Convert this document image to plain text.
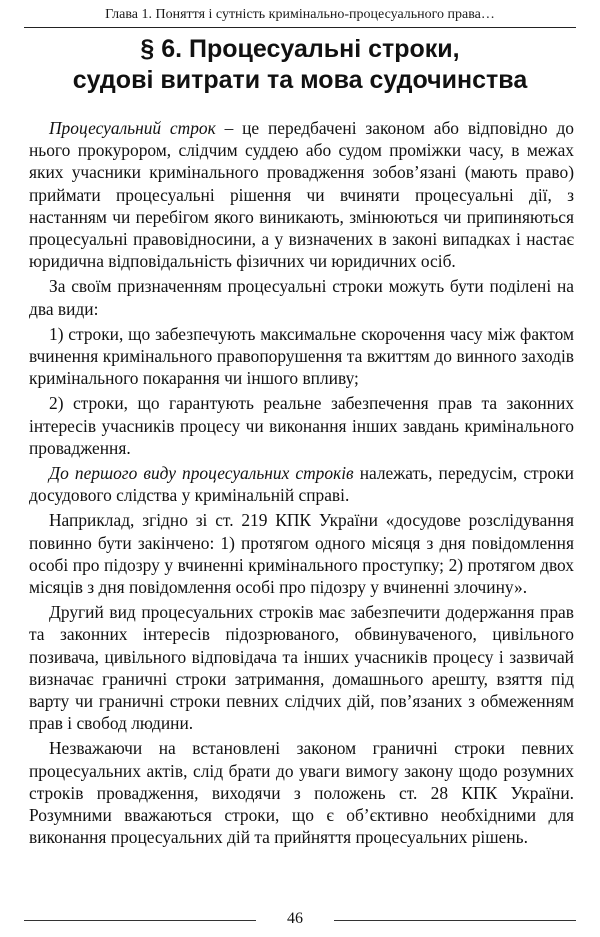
Глава 1. Поняття і сутність кримінально-процесуального права…
§ 6. Процесуальні строки,
судові витрати та мова судочинства

Процесуальний строк – це передбачені законом або відповідно до нього прокурором, слідчим суддею або судом проміжки часу, в межах яких учасники кримінального провадження зобов’язані (мають право) приймати процесуальні рішення чи вчиняти процесуальні дії, з настанням чи перебігом якого виникають, змінюються чи припиняються процесуальні правовідносини, а у визначених в законі випадках і настає юридична відповідальність фізичних чи юридичних осіб.

За своїм призначенням процесуальні строки можуть бути поділені на два види:

1) строки, що забезпечують максимальне скорочення часу між фактом вчинення кримінального правопорушення та вжиттям до винного заходів кримінального покарання чи іншого впливу;

2) строки, що гарантують реальне забезпечення прав та законних інтересів учасників процесу чи виконання інших завдань кримінального провадження.

До першого виду процесуальних строків належать, передусім, строки досудового слідства у кримінальній справі.

Наприклад, згідно зі ст. 219 КПК України «досудове розслідування повинно бути закінчено: 1) протягом одного місяця з дня повідомлення особі про підозру у вчиненні кримінального проступку; 2) протягом двох місяців з дня повідомлення особі про підозру у вчиненні злочину».

Другий вид процесуальних строків має забезпечити додержання прав та законних інтересів підозрюваного, обвинуваченого, цивільного позивача, цивільного відповідача та інших учасників процесу і зазвичай визначає граничні строки затримання, домашнього арешту, взяття під варту чи граничні строки певних слідчих дій, пов’язаних з обмеженням прав і свобод людини.

Незважаючи на встановлені законом граничні строки певних процесуальних актів, слід брати до уваги вимогу закону щодо розумних строків провадження, виходячи з положень ст. 28 КПК України. Розумними вважаються строки, що є об’єктивно необхідними для виконання процесуальних дій та прийняття процесуальних рішень.

46
